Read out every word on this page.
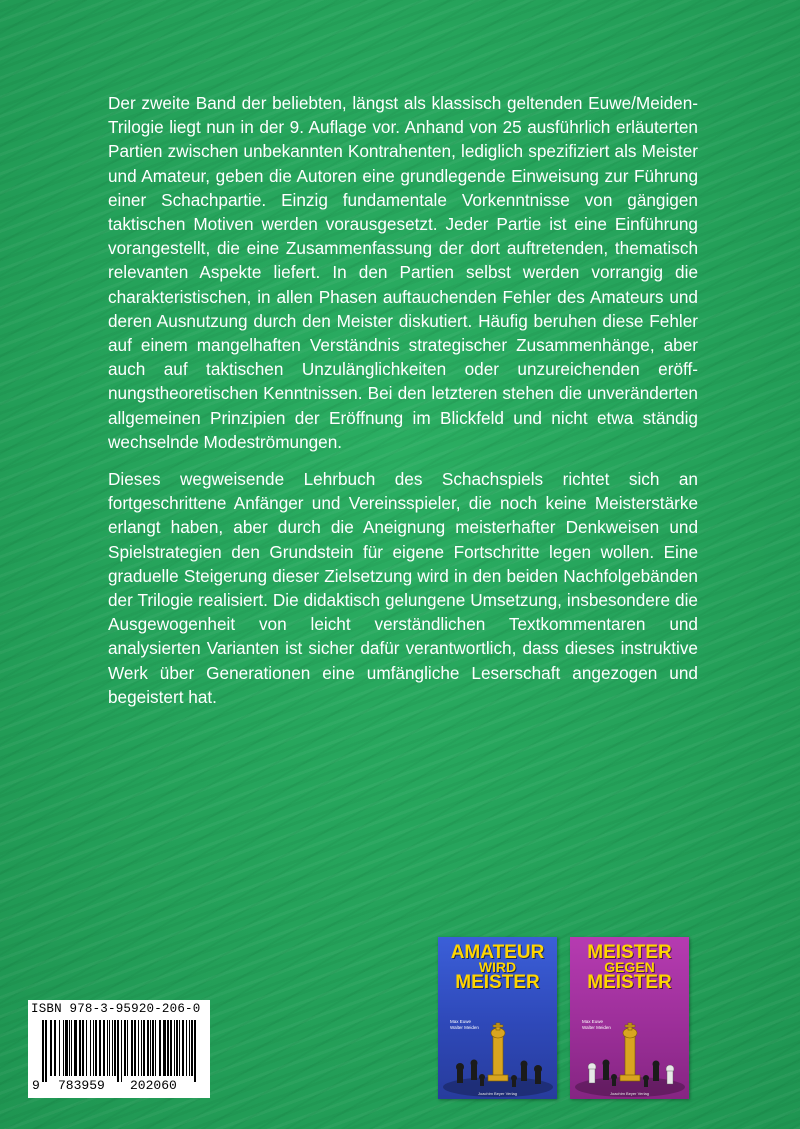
Der zweite Band der beliebten, längst als klassisch geltenden Euwe/Meiden-Trilogie liegt nun in der 9. Auflage vor. Anhand von 25 ausführlich erläuterten Partien zwischen unbekannten Kontrahenten, lediglich spezifiziert als Meister und Amateur, geben die Autoren eine grundlegende Einweisung zur Führung einer Schachpartie. Einzig fundamentale Vorkenntnisse von gängigen taktischen Motiven werden vorausgesetzt. Jeder Partie ist eine Einführung vorangestellt, die eine Zusammenfassung der dort auftretenden, thematisch relevanten Aspekte liefert. In den Partien selbst werden vorrangig die charakteristischen, in allen Phasen auftauchenden Fehler des Amateurs und deren Ausnutzung durch den Meister diskutiert. Häufig beruhen diese Fehler auf einem mangelhaften Verständnis strategischer Zusammenhänge, aber auch auf taktischen Unzulänglichkeiten oder unzureichenden eröffnungstheoretischen Kenntnissen. Bei den letzteren stehen die unveränderten allgemeinen Prinzipien der Eröffnung im Blickfeld und nicht etwa ständig wechselnde Modeströmungen.

Dieses wegweisende Lehrbuch des Schachspiels richtet sich an fortgeschrittene Anfänger und Vereinsspieler, die noch keine Meisterstärke erlangt haben, aber durch die Aneignung meisterhafter Denkweisen und Spielstrategien den Grundstein für eigene Fortschritte legen wollen. Eine graduelle Steigerung dieser Zielsetzung wird in den beiden Nachfolgebänden der Trilogie realisiert. Die didaktisch gelungene Umsetzung, insbesondere die Ausgewogenheit von leicht verständlichen Textkommentaren und analysierten Varianten ist sicher dafür verantwortlich, dass dieses instruktive Werk über Generationen eine umfängliche Leserschaft angezogen und begeistert hat.

ISBN 978-3-95920-206-0
9 783959 202060
AMATEUR
WIRD
MEISTER
Max Euwe
Walter Meiden
Joachim Beyer Verlag
MEISTER
GEGEN
MEISTER
Max Euwe
Walter Meiden
Joachim Beyer Verlag
